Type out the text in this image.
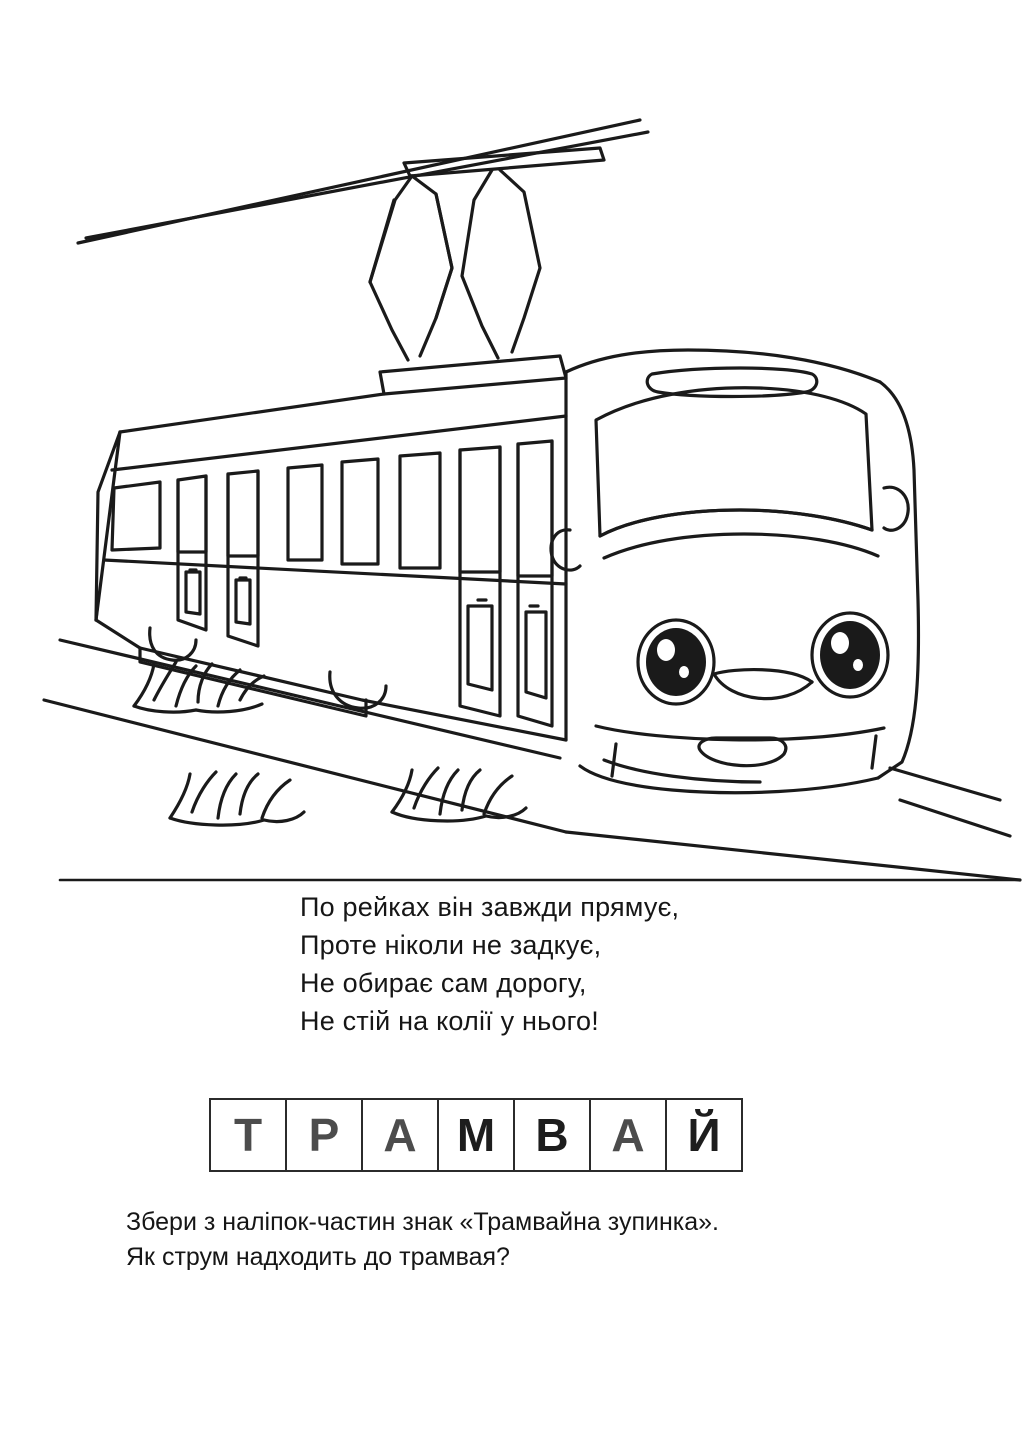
По рейках він завжди прямує,
Проте ніколи не задкує,
Не обирає сам дорогу,
Не стій на колії у нього!
Т	Р А М В А Й
Збери з наліпок-частин знак «Трамвайна зупинка».
Як струм надходить до трамвая?
